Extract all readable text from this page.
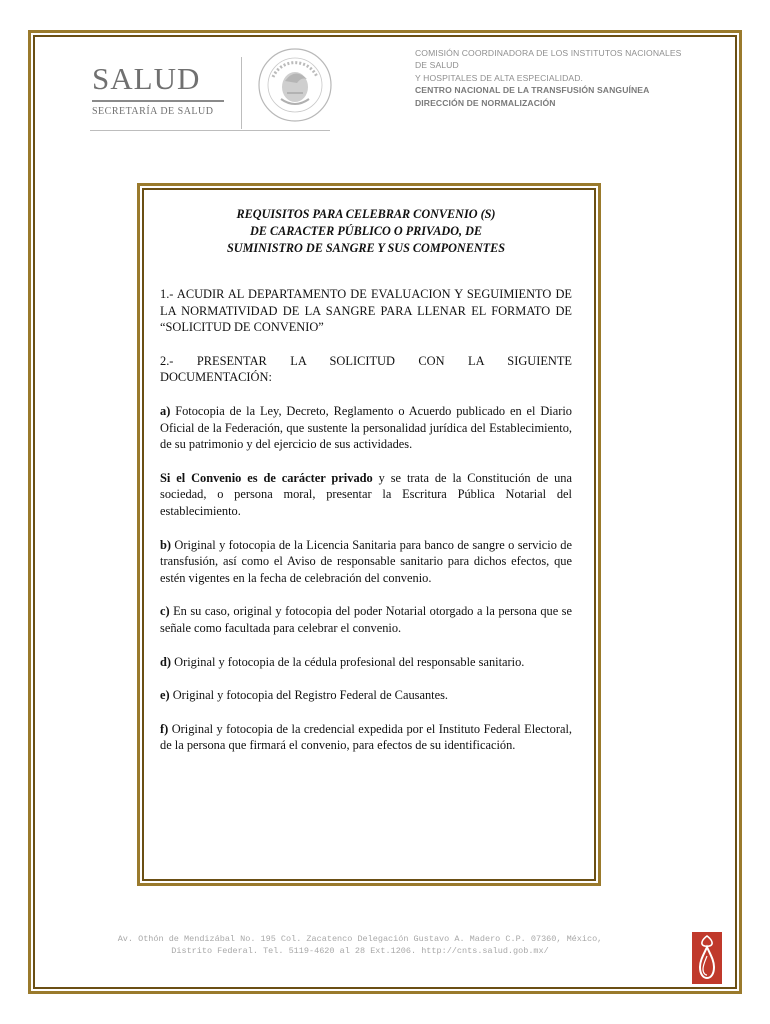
SALUD
SECRETARÍA DE SALUD
COMISIÓN COORDINADORA DE LOS INSTITUTOS NACIONALES
DE SALUD
Y HOSPITALES DE ALTA ESPECIALIDAD.
CENTRO NACIONAL DE LA TRANSFUSIÓN SANGUÍNEA
DIRECCIÓN DE NORMALIZACIÓN
REQUISITOS PARA CELEBRAR CONVENIO (S)
DE CARACTER PÚBLICO O PRIVADO, DE
SUMINISTRO DE SANGRE Y SUS COMPONENTES

1.- ACUDIR AL DEPARTAMENTO DE EVALUACION Y SEGUIMIENTO DE LA NORMATIVIDAD DE LA SANGRE PARA LLENAR EL FORMATO DE “SOLICITUD DE CONVENIO”

2.- PRESENTAR LA SOLICITUD CON LA SIGUIENTE

DOCUMENTACIÓN:

a) Fotocopia de la Ley, Decreto, Reglamento o Acuerdo publicado en el Diario Oficial de la Federación, que sustente la personalidad jurídica del Establecimiento, de su patrimonio y del ejercicio de sus actividades.

Si el Convenio es de carácter privado y se trata de la Constitución de una sociedad, o persona moral, presentar la Escritura Pública Notarial del establecimiento.

b) Original y fotocopia de la Licencia Sanitaria para banco de sangre o servicio de transfusión, así como el Aviso de responsable sanitario para dichos efectos, que estén vigentes en la fecha de celebración del convenio.

c) En su caso, original y fotocopia del poder Notarial otorgado a la persona que se señale como facultada para celebrar el convenio.

d) Original y fotocopia de la cédula profesional del responsable sanitario.

e) Original y fotocopia del Registro Federal de Causantes.

f) Original y fotocopia de la credencial expedida por el Instituto Federal Electoral, de la persona que firmará el convenio, para efectos de su identificación.

Av. Othón de Mendizábal No. 195 Col. Zacatenco Delegación Gustavo A. Madero C.P. 07360, México,
Distrito Federal. Tel. 5119-4620 al 28 Ext.1206. http://cnts.salud.gob.mx/
